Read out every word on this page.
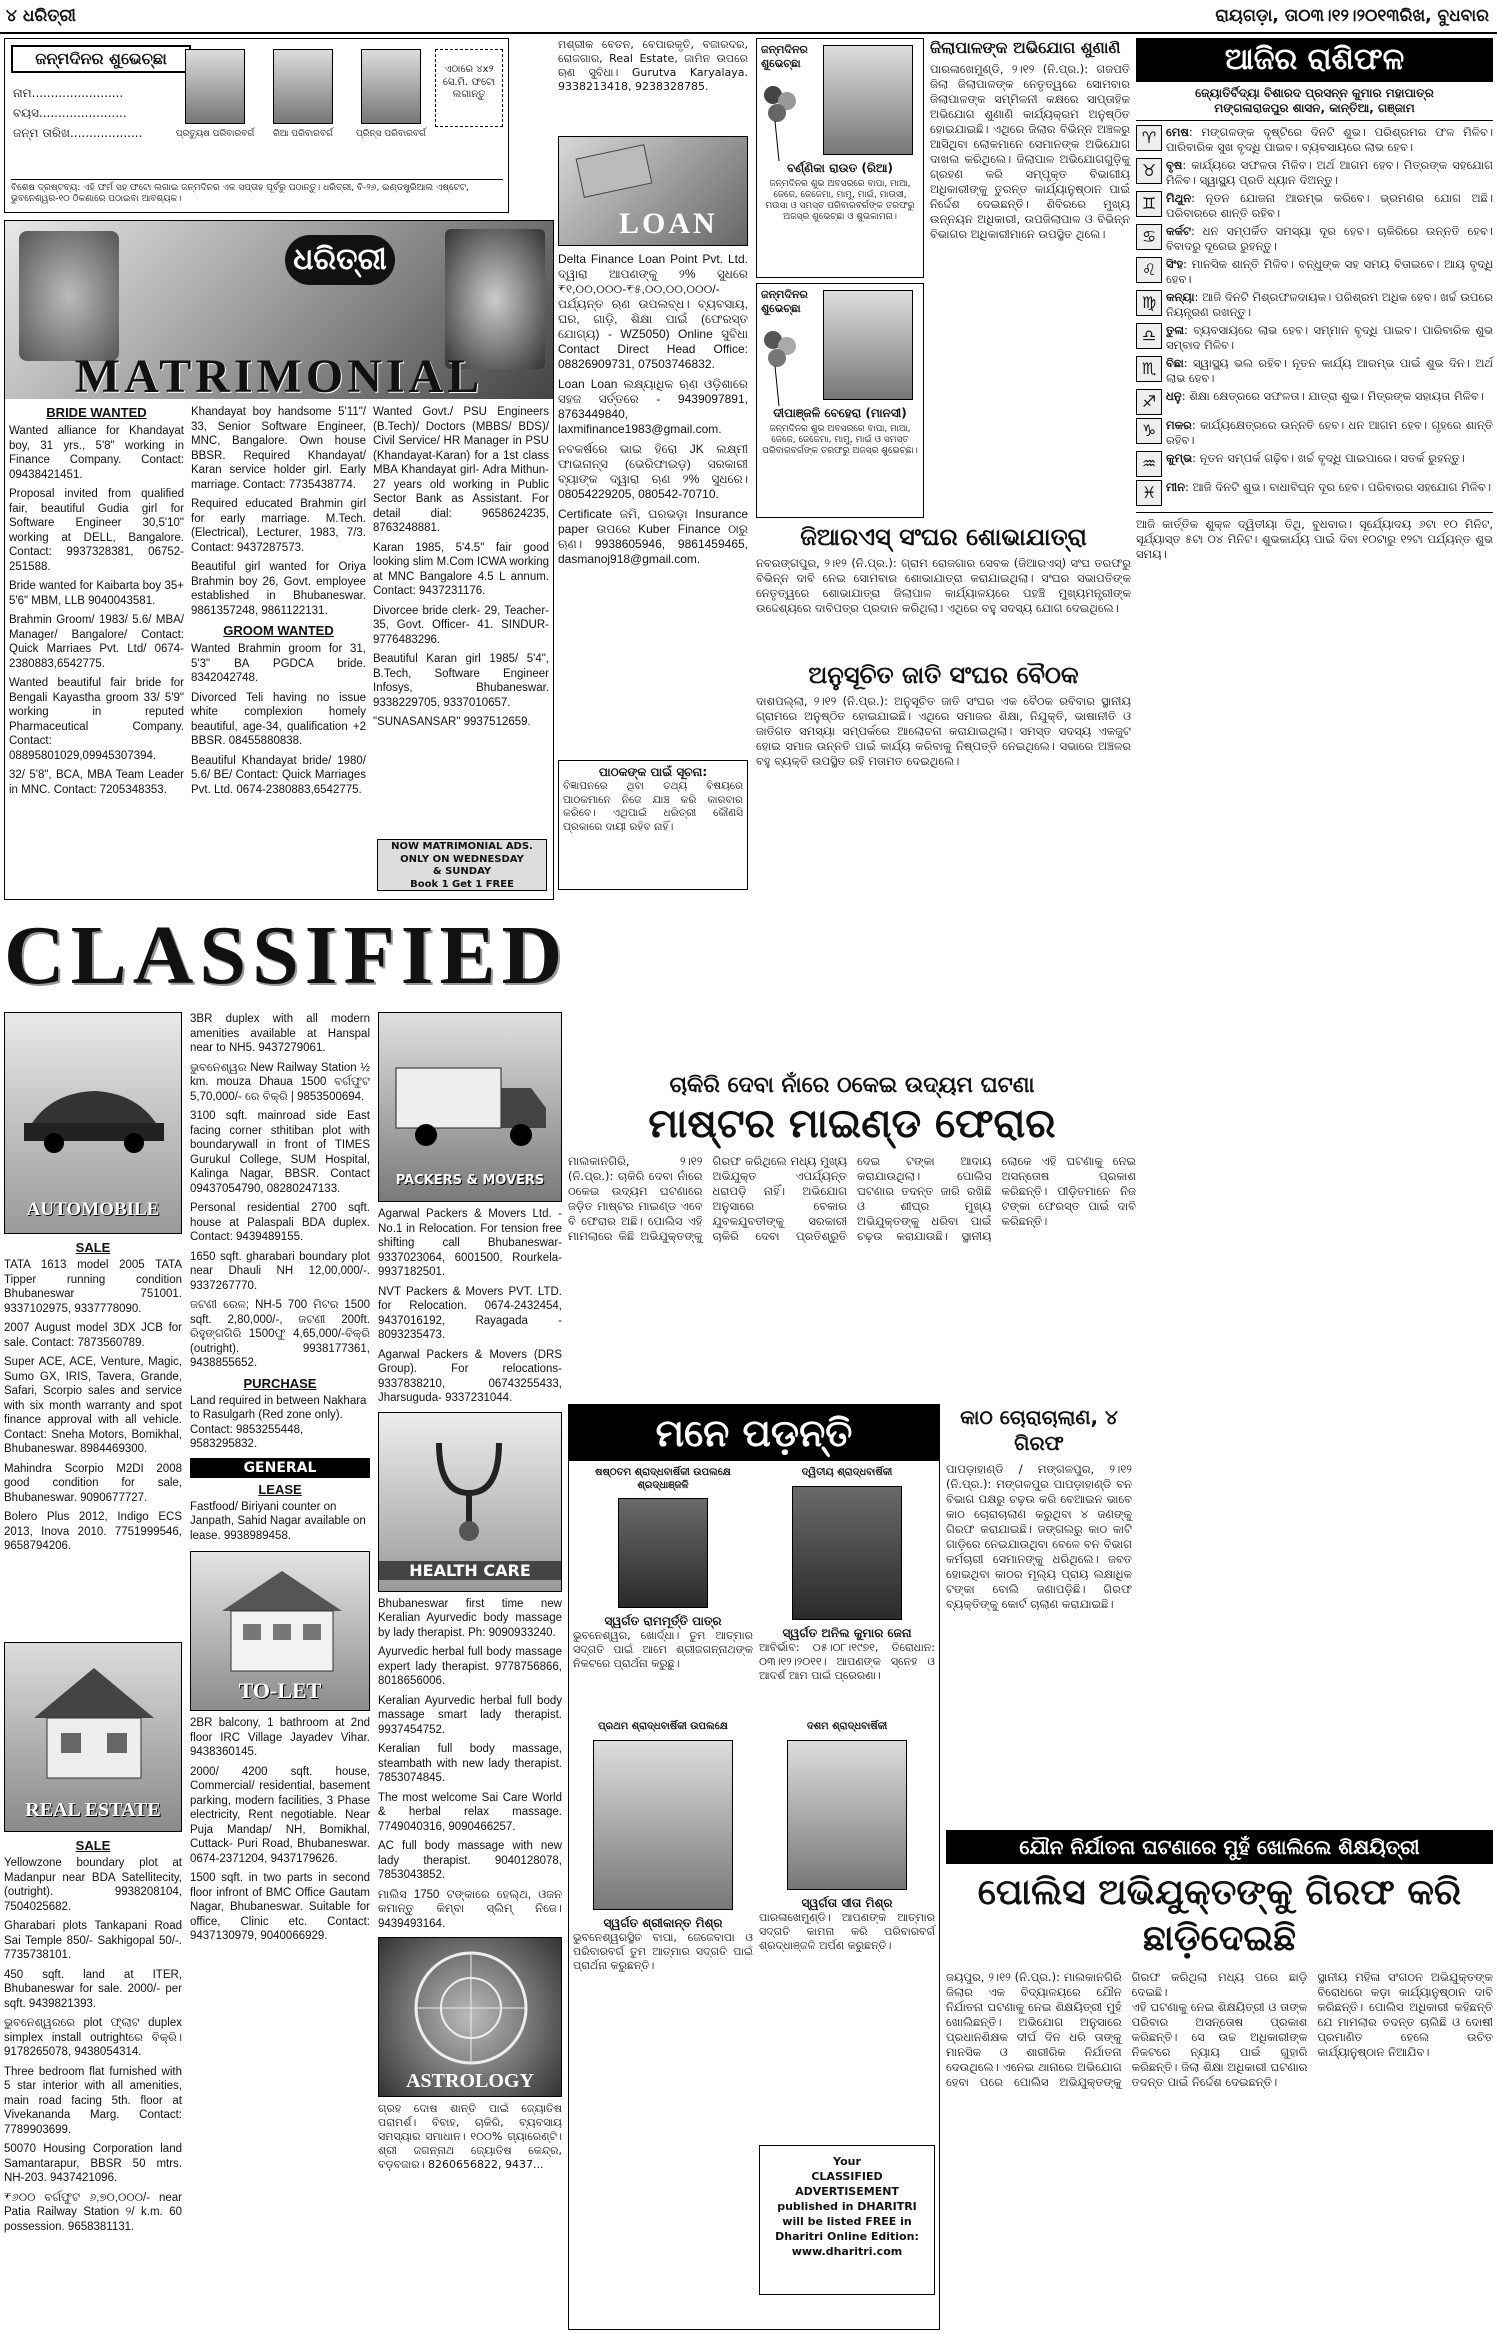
୪ ଧରିତ୍ରୀ	ରାୟଗଡ଼ା, ତା୦୩।୧୨।୨୦୧୩ରିଖ, ବୁଧବାର
ଜନ୍ମଦିନର ଶୁଭେଚ୍ଛା
ନାମ........................
ବୟସ.......................
ଜନ୍ମ ତାରିଖ...................	ପ୍ରତ୍ୟୁଷ ପରିବାରବର୍ଗ	ରିଆ ପରିବାରବର୍ଗ	ପ୍ରିନ୍ସ ପରିବାରବର୍ଗ
ଏଠାରେ ୪x୨ ସେ.ମି. ଫଟୋ ଲଗାନ୍ତୁ
ବିଶେଷ ଦ୍ରଷ୍ଟବ୍ୟ: ଏହି ଫର୍ମ ସହ ଫଟୋ ଲଗାଇ ଜନ୍ମଦିନର ଏକ ସପ୍ତାହ ପୂର୍ବରୁ ପଠାନ୍ତୁ। ଧରିତ୍ରୀ, ବି-୨୬, ଇଣ୍ଡଷ୍ଟ୍ରିଆଲ ଏଷ୍ଟେଟ, ଭୁବନେଶ୍ୱର-୧୦ ଠିକଣାରେ ପଠାଇବା ଆବଶ୍ୟକ।
ଧରିତ୍ରୀ
MATRIMONIAL
BRIDE WANTED

Wanted alliance for Khandayat boy, 31 yrs., 5'8" working in Finance Company. Contact: 09438421451.

Proposal invited from qualified fair, beautiful Gudia girl for Software Engineer 30,5'10" working at DELL, Bangalore. Contact: 9937328381, 06752-251588.

Bride wanted for Kaibarta boy 35+ 5'6" MBM, LLB 9040043581.

Brahmin Groom/ 1983/ 5.6/ MBA/ Manager/ Bangalore/ Contact: Quick Marriaes Pvt. Ltd/ 0674-2380883,6542775.

Wanted beautiful fair bride for Bengali Kayastha groom 33/ 5'9" working in reputed Pharmaceutical Company. Contact: 08895801029,09945307394.

32/ 5'8", BCA, MBA Team Leader in MNC. Contact: 7205348353.

Khandayat boy handsome 5'11"/ 33, Senior Software Engineer, MNC, Bangalore. Own house BBSR. Required Khandayat/ Karan service holder girl. Early marriage. Contact: 7735438774.

Required educated Brahmin girl for early marriage. M.Tech. (Electrical), Lecturer, 1983, 7/3. Contact: 9437287573.

Beautiful girl wanted for Oriya Brahmin boy 26, Govt. employee established in Bhubaneswar. 9861357248, 9861122131.

GROOM WANTED

Wanted Brahmin groom for 31, 5'3" BA PGDCA bride. 8342042748.

Divorced Teli having no issue white complexion homely beautiful, age-34, qualification +2 BBSR. 08455880838.

Beautiful Khandayat bride/ 1980/ 5.6/ BE/ Contact: Quick Marriages Pvt. Ltd. 0674-2380883,6542775.

Wanted Govt./ PSU Engineers (B.Tech)/ Doctors (MBBS/ BDS)/ Civil Service/ HR Manager in PSU (Khandayat-Karan) for a 1st class MBA Khandayat girl- Adra Mithun- 27 years old working in Public Sector Bank as Assistant. For detail dial: 9658624235, 8763248881.

Karan 1985, 5'4.5" fair good looking slim M.Com ICWA working at MNC Bangalore 4.5 L annum. Contact: 9437231176.

Divorcee bride clerk- 29, Teacher- 35, Govt. Officer- 41. SINDUR- 9776483296.

Beautiful Karan girl 1985/ 5'4", B.Tech, Software Engineer Infosys, Bhubaneswar. 9338229705, 9337010657.

"SUNASANSAR" 9937512659.

NOW MATRIMONIAL ADS.
ONLY ON WEDNESDAY
& SUNDAY
Book 1 Get 1 FREE
ମଶ୍ରୀକ ବେତନ, ବେପାରକୃତି, ବଜାରଦର, ରୋଜଗାର, Real Estate, ଜାମିନ ଉପରେ ଋଣ ସୁବିଧା। Gurutva Karyalaya. 9338213418, 9238328785.
LOAN

Delta Finance Loan Point Pvt. Ltd. ଦ୍ୱାରା ଆପଣଙ୍କୁ ୨% ସୁଧରେ ₹୧,୦୦,୦୦୦-₹୫,୦୦,୦୦,୦୦୦/- ପର୍ଯ୍ୟନ୍ତ ଋଣ ଉପଲବ୍ଧ। ବ୍ୟବସାୟ, ଘର, ଗାଡ଼ି, ଶିକ୍ଷା ପାଇଁ (ଫେରସ୍ତ ଯୋଗ୍ୟ) - WZ5050) Online ସୁବିଧା Contact Direct Head Office: 08826909731, 07503746832.

Loan Loan ଲକ୍ଷ୍ୟାଧିକ ଋଣ ଓଡ଼ିଶାରେ ସହଜ ସର୍ତ୍ତରେ - 9439097891, 8763449840, laxmifinance1983@gmail.com.

ନବକର୍ଷରେ ଭାଇ ହିରୋ JK ଲକ୍ଷ୍ମୀ ଫାଇନାନ୍ସ (ଭେରିଫାଇଡ଼) ସରକାରୀ ବ୍ୟାଙ୍କ ଦ୍ୱାରା ଋଣ ୨% ସୁଧରେ। 08054229205, 080542-70710.

Certificate ଜମି, ଘରଭଡ଼ା Insurance paper ଉପରେ Kuber Finance ଠାରୁ ଋଣ। 9938605946, 9861459465, dasmanoj918@gmail.com.

ପାଠକଙ୍କ ପାଇଁ ସୂଚନା:
ବିଜ୍ଞାପନରେ ଥିବା ତଥ୍ୟ ବିଷୟରେ ପାଠକମାନେ ନିଜେ ଯାଞ୍ଚ କରି କାରବାର କରିବେ। ଏଥିପାଇଁ ଧରିତ୍ରୀ କୌଣସି ପ୍ରକାରେ ଦାୟୀ ରହିବ ନାହିଁ।
ଜନ୍ମଦିନର ଶୁଭେଚ୍ଛା
ବର୍ଣ୍ଣିକା ରାଉତ (ରିଆ)
ଜନ୍ମଦିନର ଶୁଭ ଅବସରରେ ବାପା, ମାଆ, ଜେଜେ, ଜେଜେମା, ମାମୁ, ମାଇଁ, ମାଉସୀ, ମଉସା ଓ ସମସ୍ତ ପରିବାରବର୍ଗଙ୍କ ତରଫରୁ ଅଜସ୍ର ଶୁଭେଚ୍ଛା ଓ ଶୁଭକାମନା।
ଜନ୍ମଦିନର ଶୁଭେଚ୍ଛା
ଦୀପାଞ୍ଜଳି ବେହେରା (ମାନସୀ)
ଜନ୍ମଦିନର ଶୁଭ ଅବସରରେ ବାପା, ମାଆ, ଜେଜେ, ଜେଜେମା, ମାମୁ, ମାଇଁ ଓ ସମସ୍ତ ପରିବାରବର୍ଗଙ୍କ ତରଫରୁ ଅଜସ୍ର ଶୁଭେଚ୍ଛା।
ଜିଲାପାଳଙ୍କ ଅଭିଯୋଗ ଶୁଣାଣି
ପାରଳାଖେମୁଣ୍ଡି, ୨।୧୨ (ନି.ପ୍ର.): ଗଜପତି ଜିଲା ଜିଲାପାଳଙ୍କ ନେତୃତ୍ୱରେ ସୋମବାର ଜିଲାପାଳଙ୍କ ସମ୍ମିଳନୀ କକ୍ଷରେ ସାପ୍ତାହିକ ଅଭିଯୋଗ ଶୁଣାଣି କାର୍ଯ୍ୟକ୍ରମ ଅନୁଷ୍ଠିତ ହୋଇଯାଇଛି। ଏଥିରେ ଜିଲାର ବିଭିନ୍ନ ଅଞ୍ଚଳରୁ ଆସିଥିବା ଲୋକମାନେ ସେମାନଙ୍କ ଅଭିଯୋଗ ଦାଖଲ କରିଥିଲେ। ଜିଲାପାଳ ଅଭିଯୋଗଗୁଡ଼ିକୁ ଗ୍ରହଣ କରି ସମ୍ପୃକ୍ତ ବିଭାଗୀୟ ଅଧିକାରୀଙ୍କୁ ତୁରନ୍ତ କାର୍ଯ୍ୟାନୁଷ୍ଠାନ ପାଇଁ ନିର୍ଦ୍ଦେଶ ଦେଇଛନ୍ତି। ଶିବିରରେ ମୁଖ୍ୟ ଉନ୍ନୟନ ଅଧିକାରୀ, ଉପଜିଲାପାଳ ଓ ବିଭିନ୍ନ ବିଭାଗର ଅଧିକାରୀମାନେ ଉପସ୍ଥିତ ଥିଲେ।
ଜିଆରଏସ୍ ସଂଘର ଶୋଭାଯାତ୍ରା
ନବରଙ୍ଗପୁର, ୨।୧୨ (ନି.ପ୍ର.): ଗ୍ରାମ ରୋଜଗାର ସେବକ (ଜିଆରଏସ୍) ସଂଘ ତରଫରୁ ବିଭିନ୍ନ ଦାବି ନେଇ ସୋମବାର ଶୋଭାଯାତ୍ରା କରାଯାଇଥିଲା। ସଂଘର ସଭାପତିଙ୍କ ନେତୃତ୍ୱରେ ଶୋଭାଯାତ୍ରା ଜିଲାପାଳ କାର୍ଯ୍ୟାଳୟରେ ପହଞ୍ଚି ମୁଖ୍ୟମନ୍ତ୍ରୀଙ୍କ ଉଦ୍ଦେଶ୍ୟରେ ଦାବିପତ୍ର ପ୍ରଦାନ କରିଥିଲା। ଏଥିରେ ବହୁ ସଦସ୍ୟ ଯୋଗ ଦେଇଥିଲେ।
ଅନୁସୂଚିତ ଜାତି ସଂଘର ବୈଠକ
ଦାଶପଲ୍ଲା, ୨।୧୨ (ନି.ପ୍ର.): ଅନୁସୂଚିତ ଜାତି ସଂଘର ଏକ ବୈଠକ ରବିବାର ସ୍ଥାନୀୟ ଗ୍ରାମରେ ଅନୁଷ୍ଠିତ ହୋଇଯାଇଛି। ଏଥିରେ ସମାଜର ଶିକ୍ଷା, ନିଯୁକ୍ତି, ଭାଷାନୀତି ଓ ଜାତିଗତ ସମସ୍ୟା ସମ୍ପର୍କରେ ଆଲୋଚନା କରାଯାଇଥିଲା। ସମସ୍ତ ସଦସ୍ୟ ଏକଜୁଟ ହୋଇ ସମାଜ ଉନ୍ନତି ପାଇଁ କାର୍ଯ୍ୟ କରିବାକୁ ନିଷ୍ପତ୍ତି ନେଇଥିଲେ। ସଭାରେ ଅଞ୍ଚଳର ବହୁ ବ୍ୟକ୍ତି ଉପସ୍ଥିତ ରହି ମତାମତ ଦେଇଥିଲେ।
ଆଜିର ରାଶିଫଳ
ଜ୍ୟୋତିର୍ବିଦ୍ୟା ବିଶାରଦ ପ୍ରସନ୍ନ କୁମାର ମହାପାତ୍ର
ମଙ୍ଗଳାରାଜପୁର ଶାସନ, କାନ୍ତିଆ, ଗଞ୍ଜାମ
♈ ମେଷ: ମଙ୍ଗଳଙ୍କ ଦୃଷ୍ଟିରେ ଦିନଟି ଶୁଭ। ପରିଶ୍ରମର ଫଳ ମିଳିବ। ପାରିବାରିକ ସୁଖ ବୃଦ୍ଧି ପାଇବ। ବ୍ୟବସାୟରେ ଲାଭ ହେବ।
♉ ବୃଷ: କାର୍ଯ୍ୟରେ ସଫଳତା ମିଳିବ। ଅର୍ଥ ଆଗମ ହେବ। ମିତ୍ରଙ୍କ ସହଯୋଗ ମିଳିବ। ସ୍ୱାସ୍ଥ୍ୟ ପ୍ରତି ଧ୍ୟାନ ଦିଅନ୍ତୁ।
♊ ମିଥୁନ: ନୂତନ ଯୋଜନା ଆରମ୍ଭ କରିବେ। ଭ୍ରମଣର ଯୋଗ ଅଛି। ପରିବାରରେ ଶାନ୍ତି ରହିବ।
♋ କର୍କଟ: ଧନ ସମ୍ପର୍କିତ ସମସ୍ୟା ଦୂର ହେବ। ଚାକିରିରେ ଉନ୍ନତି ହେବ। ବିବାଦରୁ ଦୂରେଇ ରୁହନ୍ତୁ।
♌ ସିଂହ: ମାନସିକ ଶାନ୍ତି ମିଳିବ। ବନ୍ଧୁଙ୍କ ସହ ସମୟ ବିତାଇବେ। ଆୟ ବୃଦ୍ଧି ହେବ।
♍ କନ୍ୟା: ଆଜି ଦିନଟି ମିଶ୍ରଫଳଦାୟକ। ପରିଶ୍ରମ ଅଧିକ ହେବ। ଖର୍ଚ୍ଚ ଉପରେ ନିୟନ୍ତ୍ରଣ ରଖନ୍ତୁ।
♎ ତୁଳା: ବ୍ୟବସାୟରେ ଲାଭ ହେବ। ସମ୍ମାନ ବୃଦ୍ଧି ପାଇବ। ପାରିବାରିକ ଶୁଭ ସମ୍ବାଦ ମିଳିବ।
♏ ବିଛା: ସ୍ୱାସ୍ଥ୍ୟ ଭଲ ରହିବ। ନୂତନ କାର୍ଯ୍ୟ ଆରମ୍ଭ ପାଇଁ ଶୁଭ ଦିନ। ଅର୍ଥ ଲାଭ ହେବ।
♐ ଧନୁ: ଶିକ୍ଷା କ୍ଷେତ୍ରରେ ସଫଳତା। ଯାତ୍ରା ଶୁଭ। ମିତ୍ରଙ୍କ ସହାୟତା ମିଳିବ।
♑ ମକର: କାର୍ଯ୍ୟକ୍ଷେତ୍ରରେ ଉନ୍ନତି ହେବ। ଧନ ଆଗମ ହେବ। ଗୃହରେ ଶାନ୍ତି ରହିବ।
♒ କୁମ୍ଭ: ନୂତନ ସମ୍ପର୍କ ଗଢ଼ିବ। ଖର୍ଚ୍ଚ ବୃଦ୍ଧି ପାଇପାରେ। ସତର୍କ ରୁହନ୍ତୁ।
♓ ମୀନ: ଆଜି ଦିନଟି ଶୁଭ। ବାଧାବିଘ୍ନ ଦୂର ହେବ। ପରିବାରର ସହଯୋଗ ମିଳିବ।
ଆଜି କାର୍ତ୍ତିକ ଶୁକ୍ଳ ଦ୍ୱିତୀୟା ତିଥି, ବୁଧବାର। ସୂର୍ଯ୍ୟୋଦୟ ୬ଟା ୧୦ ମିନିଟ, ସୂର୍ଯ୍ୟାସ୍ତ ୫ଟା ୦୪ ମିନିଟ। ଶୁଭକାର୍ଯ୍ୟ ପାଇଁ ଦିବା ୧୦ଟାରୁ ୧୨ଟା ପର୍ଯ୍ୟନ୍ତ ଶୁଭ ସମୟ।
CLASSIFIED
AUTOMOBILE
SALE

TATA 1613 model 2005 TATA Tipper running condition Bhubaneswar 751001. 9337102975, 9337778090.

2007 August model 3DX JCB for sale. Contact: 7873560789.

Super ACE, ACE, Venture, Magic, Sumo GX, IRIS, Tavera, Grande, Safari, Scorpio sales and service with six month warranty and spot finance approval with all vehicle. Contact: Sneha Motors, Bomikhal, Bhubaneswar. 8984469300.

Mahindra Scorpio M2DI 2008 good condition for sale, Bhubaneswar. 9090677727.

Bolero Plus 2012, Indigo ECS 2013, Inova 2010. 7751999546, 9658794206.

REAL ESTATE
SALE

Yellowzone boundary plot at Madanpur near BDA Satellitecity, (outright). 9938208104, 7504025682.

Gharabari plots Tankapani Road Sai Temple 850/- Sakhigopal 50/-. 7735738101.

450 sqft. land at ITER, Bhubaneswar for sale. 2000/- per sqft. 9439821393.

ଭୁବନେଶ୍ୱରରେ plot ଫ୍ଲାଟ duplex simplex install outrightରେ ବିକ୍ରି। 9178265078, 9438054314.

Three bedroom flat furnished with 5 star interior with all amenities, main road facing 5th. floor at Vivekananda Marg. Contact: 7789903699.

50070 Housing Corporation land Samantarapur, BBSR 50 mtrs. NH-203. 9437421096.

₹୬୦୦ ବର୍ଗଫୁଟ ୬,୭୦,୦୦୦/- near Patia Railway Station ୨/ k.m. 60 possession. 9658381131.

3BR duplex with all modern amenities available at Hanspal near to NH5. 9437279061.

ଭୁବନେଶ୍ୱର New Railway Station ½ km. mouza Dhaua 1500 ବର୍ଗଫୁଟ 5,70,000/- ରେ ବିକ୍ରି | 9853500694.

3100 sqft. mainroad side East facing corner sthitiban plot with boundarywall in front of TIMES Gurukul College, SUM Hospital, Kalinga Nagar, BBSR. Contact 09437054790, 08280247133.

Personal residential 2700 sqft. house at Palaspali BDA duplex. Contact: 9439489155.

1650 sqft. gharabari boundary plot near Dhauli NH 12,00,000/-. 9337267770.

ଜଟଣୀ ରେଳ; NH-5 700 ମିଟର 1500 sqft. 2,80,000/-, ଜଟଣୀ 200ft. ରିହୁଙ୍ଗଗିରି 1500ଫୁ 4,65,000/-ବିକ୍ରି (outright). 9938177361, 9438855652.

PURCHASE
Land required in between Nakhara to Rasulgarh (Red zone only). Contact: 9853255448, 9583295832.
GENERAL
LEASE
Fastfood/ Biriyani counter on Janpath, Sahid Nagar available on lease. 9938989458.
TO-LET

2BR balcony, 1 bathroom at 2nd floor IRC Village Jayadev Vihar. 9438360145.

2000/ 4200 sqft. house, Commercial/ residential, basement parking, modern facilities, 3 Phase electricity, Rent negotiable. Near Puja Mandap/ NH, Bomikhal, Cuttack- Puri Road, Bhubaneswar. 0674-2371204, 9437179626.

1500 sqft. in two parts in second floor infront of BMC Office Gautam Nagar, Bhubaneswar. Suitable for office, Clinic etc. Contact: 9437130979, 9040066929.

PACKERS & MOVERS

Agarwal Packers & Movers Ltd. - No.1 in Relocation. For tension free shifting call Bhubaneswar- 9337023064, 6001500, Rourkela- 9937182501.

NVT Packers & Movers PVT. LTD. for Relocation. 0674-2432454, 9437016192, Rayagada - 8093235473.

Agarwal Packers & Movers (DRS Group). For relocations- 9337838210, 06743255433, Jharsuguda- 9337231044.

HEALTH CARE

Bhubaneswar first time new Keralian Ayurvedic body massage by lady therapist. Ph: 9090933240.

Ayurvedic herbal full body massage expert lady therapist. 9778756866, 8018656006.

Keralian Ayurvedic herbal full body massage smart lady therapist. 9937454752.

Keralian full body massage, steambath with new lady therapist. 7853074845.

The most welcome Sai Care World & herbal relax massage. 7749040316, 9090466257.

AC full body massage with new lady therapist. 9040128078, 7853043852.

ମାଲିସ 1750 ଟଙ୍କାରେ ହେଲ୍ଥ, ଓଜନ କମାନ୍ତୁ କିମ୍ବା ସ୍ଲିମ୍ ନିଜେ। 9439493164.

ASTROLOGY
ଗ୍ରହ ଦୋଷ ଶାନ୍ତି ପାଇଁ ଜ୍ୟୋତିଷ ପରାମର୍ଶ। ବିବାହ, ଚାକିରି, ବ୍ୟବସାୟ ସମସ୍ୟାର ସମାଧାନ। ୧୦୦% ଗ୍ୟାରେଣ୍ଟି। ଶ୍ରୀ ଜଗନ୍ନାଥ ଜ୍ୟୋତିଷ କେନ୍ଦ୍ର, ବଡ଼ବଜାର। 8260656822, 9437...
ଚାକିରି ଦେବା ନାଁରେ ଠକେଇ ଉଦ୍ୟମ ଘଟଣା
ମାଷ୍ଟର ମାଇଣ୍ଡ ଫେରାର
ମାଲକାନଗିରି, ୨।୧୨ (ନି.ପ୍ର.): ଚାକିରି ଦେବା ନାଁରେ ଠକେଇ ଉଦ୍ୟମ ଘଟଣାରେ ଜଡ଼ିତ ମାଷ୍ଟର ମାଇଣ୍ଡ ଏବେ ବି ଫେରାର ଅଛି। ପୋଲିସ ଏହି ମାମଲାରେ କିଛି ଅଭିଯୁକ୍ତଙ୍କୁ ଗିରଫ କରିଥିଲେ ମଧ୍ୟ ମୁଖ୍ୟ ଅଭିଯୁକ୍ତ ଏପର୍ଯ୍ୟନ୍ତ ଧରାପଡ଼ି ନାହିଁ। ଅଭିଯୋଗ ଅନୁସାରେ ବେକାର ଯୁବକଯୁବତୀଙ୍କୁ ସରକାରୀ ଚାକିରି ଦେବା ପ୍ରତିଶ୍ରୁତି ଦେଇ ଟଙ୍କା ଆଦାୟ କରାଯାଉଥିଲା। ପୋଲିସ ଘଟଣାର ତଦନ୍ତ ଜାରି ରଖିଛି ଓ ଶୀଘ୍ର ମୁଖ୍ୟ ଅଭିଯୁକ୍ତଙ୍କୁ ଧରିବା ପାଇଁ ଚଢ଼ଉ କରାଯାଉଛି। ସ୍ଥାନୀୟ ଲୋକେ ଏହି ଘଟଣାକୁ ନେଇ ଅସନ୍ତୋଷ ପ୍ରକାଶ କରିଛନ୍ତି। ପୀଡ଼ିତମାନେ ନିଜ ଟଙ୍କା ଫେରସ୍ତ ପାଇଁ ଦାବି କରିଛନ୍ତି।
ମନେ ପଡ଼ନ୍ତି
ଷଷ୍ଠତମ ଶ୍ରାଦ୍ଧବାର୍ଷିକୀ ଉପଲକ୍ଷେ ଶ୍ରଦ୍ଧାଞ୍ଜଳି
ସ୍ୱର୍ଗତ ରାମମୂର୍ତ୍ତି ପାତ୍ର
ଭୁବନେଶ୍ୱର, ଖୋର୍ଦ୍ଧା। ତୁମ ଆତ୍ମାର ସଦ୍ଗତି ପାଇଁ ଆମେ ଶ୍ରୀଜଗନ୍ନାଥଙ୍କ ନିକଟରେ ପ୍ରାର୍ଥନା କରୁଛୁ।
ଦ୍ୱିତୀୟ ଶ୍ରାଦ୍ଧବାର୍ଷିକୀ
ସ୍ୱର୍ଗତ ଅନିଲ କୁମାର ଜେନା
ଆବିର୍ଭାବ: ୦୫।୦୮।୧୯୭୧, ତିରୋଧାନ: ୦୩।୧୨।୨୦୧୧। ଆପଣଙ୍କ ସ୍ନେହ ଓ ଆଦର୍ଶ ଆମ ପାଇଁ ପ୍ରେରଣା।
ପ୍ରଥମ ଶ୍ରାଦ୍ଧବାର୍ଷିକୀ ଉପଲକ୍ଷେ
ସ୍ୱର୍ଗତ ଶ୍ରୀକାନ୍ତ ମିଶ୍ର
ଭୁବନେଶ୍ୱରସ୍ଥିତ ବାପା, ଜେଜେବାପା ଓ ପରିବାରବର୍ଗ ତୁମ ଆତ୍ମାର ସଦ୍ଗତି ପାଇଁ ପ୍ରାର୍ଥନା କରୁଛନ୍ତି।
ଦଶମ ଶ୍ରାଦ୍ଧବାର୍ଷିକୀ
ସ୍ୱର୍ଗତା ସୀତା ମିଶ୍ର
ପାରଳାଖେମୁଣ୍ଡି। ଆପଣଙ୍କ ଆତ୍ମାର ସଦ୍ଗତି କାମନା କରି ପରିବାରବର୍ଗ ଶ୍ରଦ୍ଧାଞ୍ଜଳି ଅର୍ପଣ କରୁଛନ୍ତି।
Your
CLASSIFIED
ADVERTISEMENT
published in DHARITRI
will be listed FREE in
Dharitri Online Edition:
www.dharitri.com
କାଠ ଚୋରାଚାଲାଣ, ୪ ଗିରଫ
ପାପଡ଼ାହାଣ୍ଡି / ମଙ୍ଗଳପୁର, ୨।୧୨ (ନି.ପ୍ର.): ମଙ୍ଗଳପୁର ପାପଡ଼ାହାଣ୍ଡି ବନ ବିଭାଗ ପକ୍ଷରୁ ଚଢ଼ଉ କରି ବେଆଇନ ଭାବେ କାଠ ଚୋରାଚାଲାଣ କରୁଥିବା ୪ ଜଣଙ୍କୁ ଗିରଫ କରାଯାଇଛି। ଜଙ୍ଗଲରୁ କାଠ କାଟି ଗାଡ଼ିରେ ନେଇଯାଉଥିବା ବେଳେ ବନ ବିଭାଗ କର୍ମଚାରୀ ସେମାନଙ୍କୁ ଧରିଥିଲେ। ଜବତ ହୋଇଥିବା କାଠର ମୂଲ୍ୟ ପ୍ରାୟ ଲକ୍ଷାଧିକ ଟଙ୍କା ବୋଲି ଜଣାପଡ଼ିଛି। ଗିରଫ ବ୍ୟକ୍ତିଙ୍କୁ କୋର୍ଟ ଚାଲାଣ କରାଯାଇଛି।
ଯୌନ ନିର୍ଯାତନା ଘଟଣାରେ ମୁହଁ ଖୋଲିଲେ ଶିକ୍ଷୟିତ୍ରୀ
ପୋଲିସ ଅଭିଯୁକ୍ତଙ୍କୁ ଗିରଫ କରି ଛାଡ଼ିଦେଇଛି

ଜୟପୁର, ୨।୧୨ (ନି.ପ୍ର.): ମାଲକାନଗିରି ଜିଲାର ଏକ ବିଦ୍ୟାଳୟରେ ଯୌନ ନିର୍ଯାତନା ଘଟଣାକୁ ନେଇ ଶିକ୍ଷୟିତ୍ରୀ ମୁହଁ ଖୋଲିଛନ୍ତି। ଅଭିଯୋଗ ଅନୁସାରେ ପ୍ରଧାନଶିକ୍ଷକ ଦୀର୍ଘ ଦିନ ଧରି ତାଙ୍କୁ ମାନସିକ ଓ ଶାରୀରିକ ନିର୍ଯାତନା ଦେଉଥିଲେ। ଏନେଇ ଥାନାରେ ଅଭିଯୋଗ ହେବା ପରେ ପୋଲିସ ଅଭିଯୁକ୍ତଙ୍କୁ ଗିରଫ କରିଥିଲା ମଧ୍ୟ ପରେ ଛାଡ଼ି ଦେଇଛି।

ଏହି ଘଟଣାକୁ ନେଇ ଶିକ୍ଷୟିତ୍ରୀ ଓ ତାଙ୍କ ପରିବାର ଅସନ୍ତୋଷ ପ୍ରକାଶ କରିଛନ୍ତି। ସେ ଉଚ୍ଚ ଅଧିକାରୀଙ୍କ ନିକଟରେ ନ୍ୟାୟ ପାଇଁ ଗୁହାରି କରିଛନ୍ତି। ଜିଲା ଶିକ୍ଷା ଅଧିକାରୀ ଘଟଣାର ତଦନ୍ତ ପାଇଁ ନିର୍ଦ୍ଦେଶ ଦେଇଛନ୍ତି।

ସ୍ଥାନୀୟ ମହିଳା ସଂଗଠନ ଅଭିଯୁକ୍ତଙ୍କ ବିରୋଧରେ କଡ଼ା କାର୍ଯ୍ୟାନୁଷ୍ଠାନ ଦାବି କରିଛନ୍ତି। ପୋଲିସ ଅଧିକାରୀ କହିଛନ୍ତି ଯେ ମାମଲାର ତଦନ୍ତ ଚାଲିଛି ଓ ଦୋଷୀ ପ୍ରମାଣିତ ହେଲେ ଉଚିତ କାର୍ଯ୍ୟାନୁଷ୍ଠାନ ନିଆଯିବ।
